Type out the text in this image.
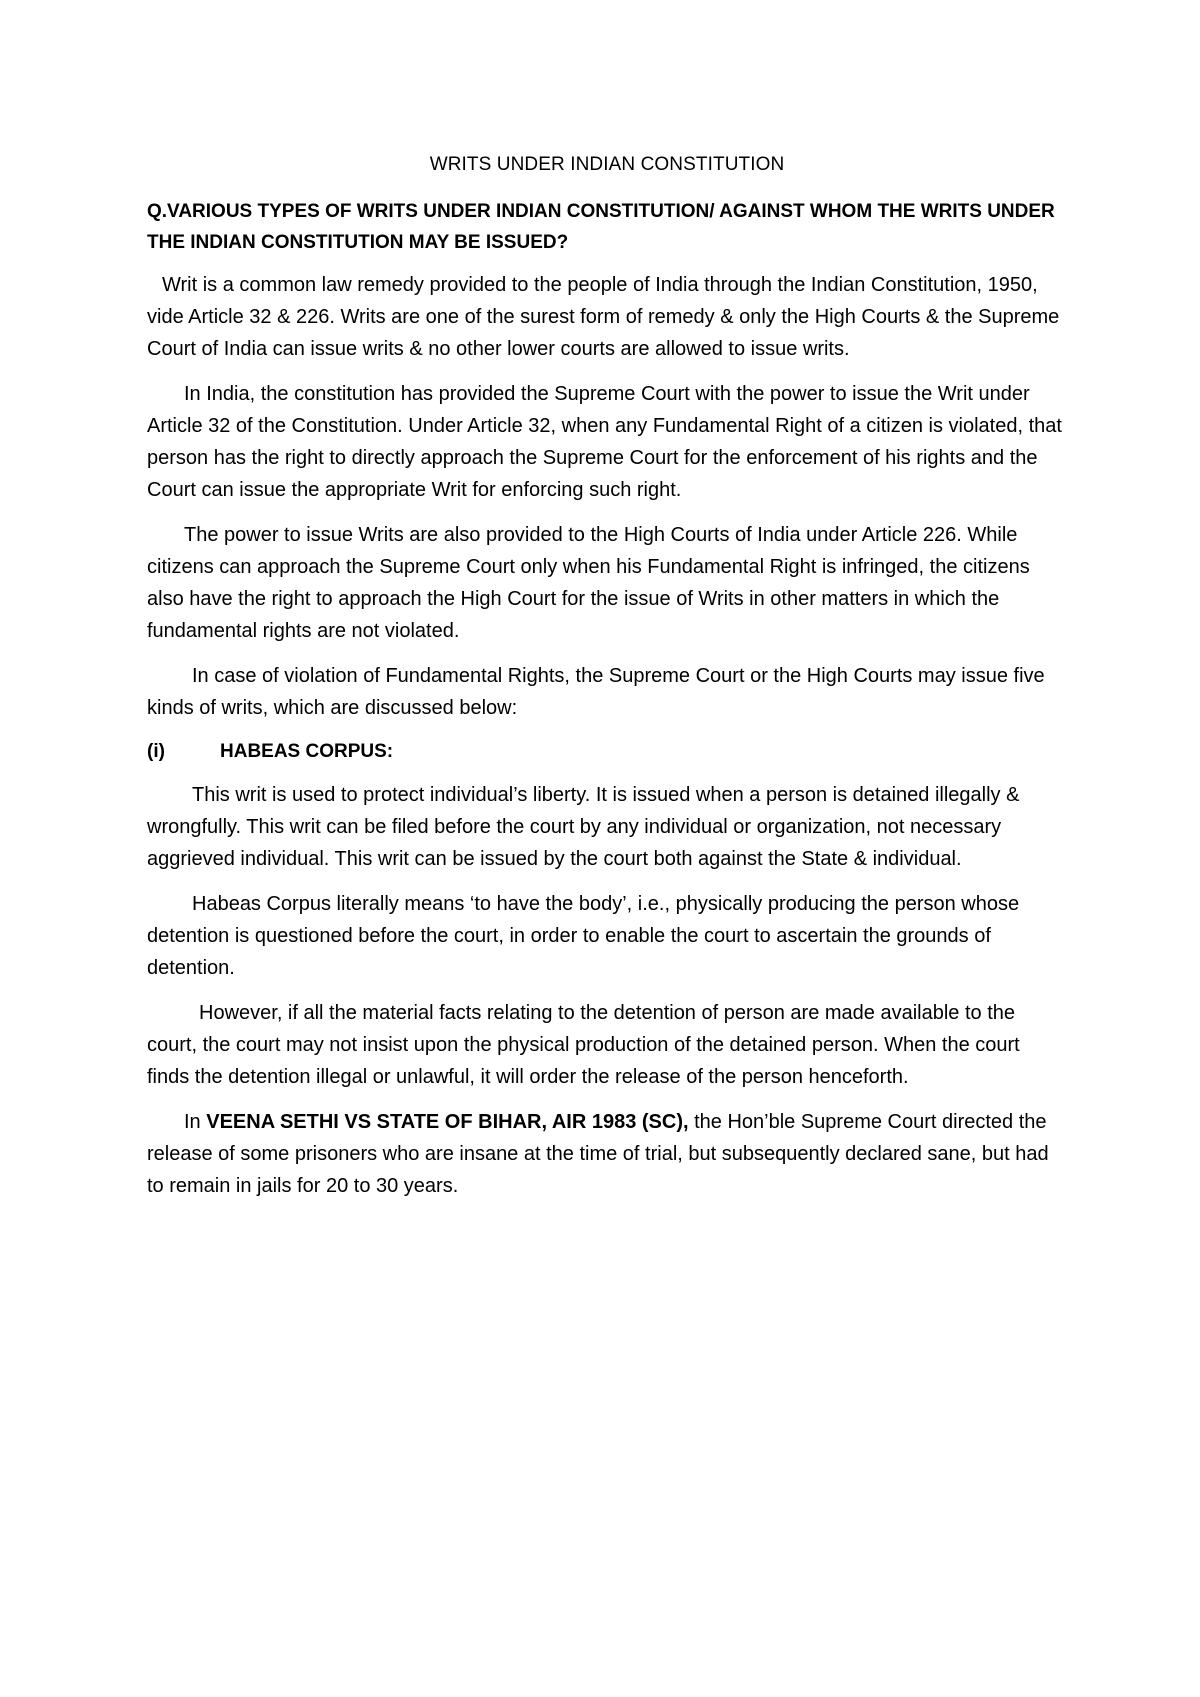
WRITS UNDER INDIAN CONSTITUTION

Q.VARIOUS TYPES OF WRITS UNDER INDIAN CONSTITUTION/ AGAINST WHOM THE WRITS UNDER THE INDIAN CONSTITUTION MAY BE ISSUED?

Writ is a common law remedy provided to the people of India through the Indian Constitution, 1950, vide Article 32 & 226. Writs are one of the surest form of remedy & only the High Courts & the Supreme Court of India can issue writs & no other lower courts are allowed to issue writs.

In India, the constitution has provided the Supreme Court with the power to issue the Writ under Article 32 of the Constitution. Under Article 32, when any Fundamental Right of a citizen is violated, that person has the right to directly approach the Supreme Court for the enforcement of his rights and the Court can issue the appropriate Writ for enforcing such right.

The power to issue Writs are also provided to the High Courts of India under Article 226. While citizens can approach the Supreme Court only when his Fundamental Right is infringed, the citizens also have the right to approach the High Court for the issue of Writs in other matters in which the fundamental rights are not violated.

In case of violation of Fundamental Rights, the Supreme Court or the High Courts may issue five kinds of writs, which are discussed below:

(i)	HABEAS CORPUS:

This writ is used to protect individual’s liberty. It is issued when a person is detained illegally & wrongfully. This writ can be filed before the court by any individual or organization, not necessary aggrieved individual. This writ can be issued by the court both against the State & individual.

Habeas Corpus literally means ‘to have the body’, i.e., physically producing the person whose detention is questioned before the court, in order to enable the court to ascertain the grounds of detention.

However, if all the material facts relating to the detention of person are made available to the court, the court may not insist upon the physical production of the detained person. When the court finds the detention illegal or unlawful, it will order the release of the person henceforth.

In VEENA SETHI VS STATE OF BIHAR, AIR 1983 (SC), the Hon’ble Supreme Court directed the release of some prisoners who are insane at the time of trial, but subsequently declared sane, but had to remain in jails for 20 to 30 years.
